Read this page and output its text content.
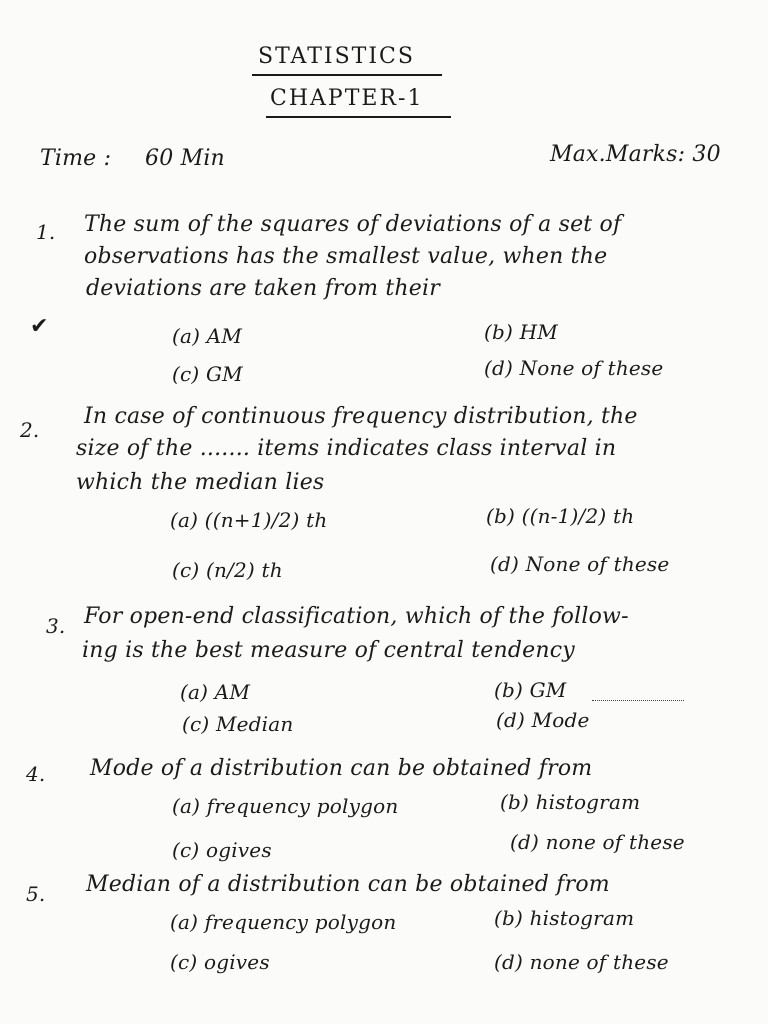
STATISTICS
CHAPTER-1
Time : 60 Min	Max.Marks: 30
1. The sum of the squares of deviations of a set of
observations has the smallest value, when the
deviations are taken from their
✔	(a) AM	(b) HM
(c) GM	(d) None of these
2.
In case of continuous frequency distribution, the
size of the ....... items indicates class interval in
which the median lies
(a) ((n+1)/2) th	(b) ((n-1)/2) th
(c) (n/2) th	(d) None of these
3. For open-end classification, which of the follow-
ing is the best measure of central tendency
(a) AM	(b) GM
(c) Median	(d) Mode
4. Mode of a distribution can be obtained from
(a) frequency polygon	(b) histogram
(c) ogives	(d) none of these
5. Median of a distribution can be obtained from
(a) frequency polygon	(b) histogram
(c) ogives	(d) none of these
